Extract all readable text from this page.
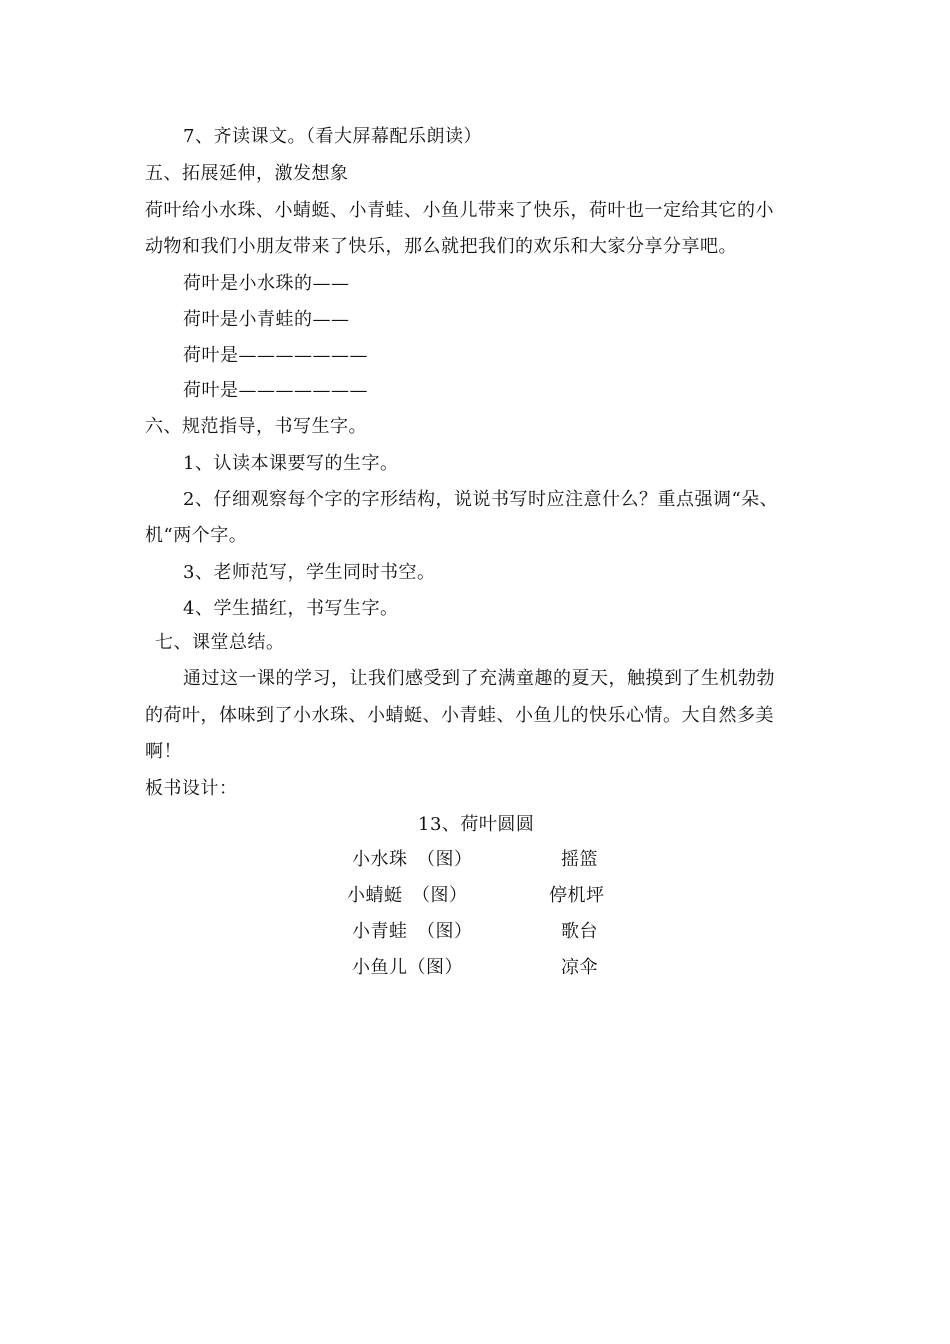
7、齐读课文。（看大屏幕配乐朗读）
五、拓展延伸，激发想象
荷叶给小水珠、小蜻蜓、小青蛙、小鱼儿带来了快乐，荷叶也一定给其它的小
动物和我们小朋友带来了快乐，那么就把我们的欢乐和大家分享分享吧。
荷叶是小水珠的——
荷叶是小青蛙的——
荷叶是———————
荷叶是———————
六、规范指导，书写生字。
1、认读本课要写的生字。
2、仔细观察每个字的字形结构，说说书写时应注意什么？重点强调“朵、
机“两个字。
3、老师范写，学生同时书空。
4、学生描红，书写生字。
七、课堂总结。
通过这一课的学习，让我们感受到了充满童趣的夏天，触摸到了生机勃勃
的荷叶，体味到了小水珠、小蜻蜓、小青蛙、小鱼儿的快乐心情。大自然多美
啊！
板书设计：
13、荷叶圆圆
小水珠　（图）	摇篮
小蜻蜓　（图）	停机坪
小青蛙　（图）	歌台
小鱼儿（图）	凉伞
